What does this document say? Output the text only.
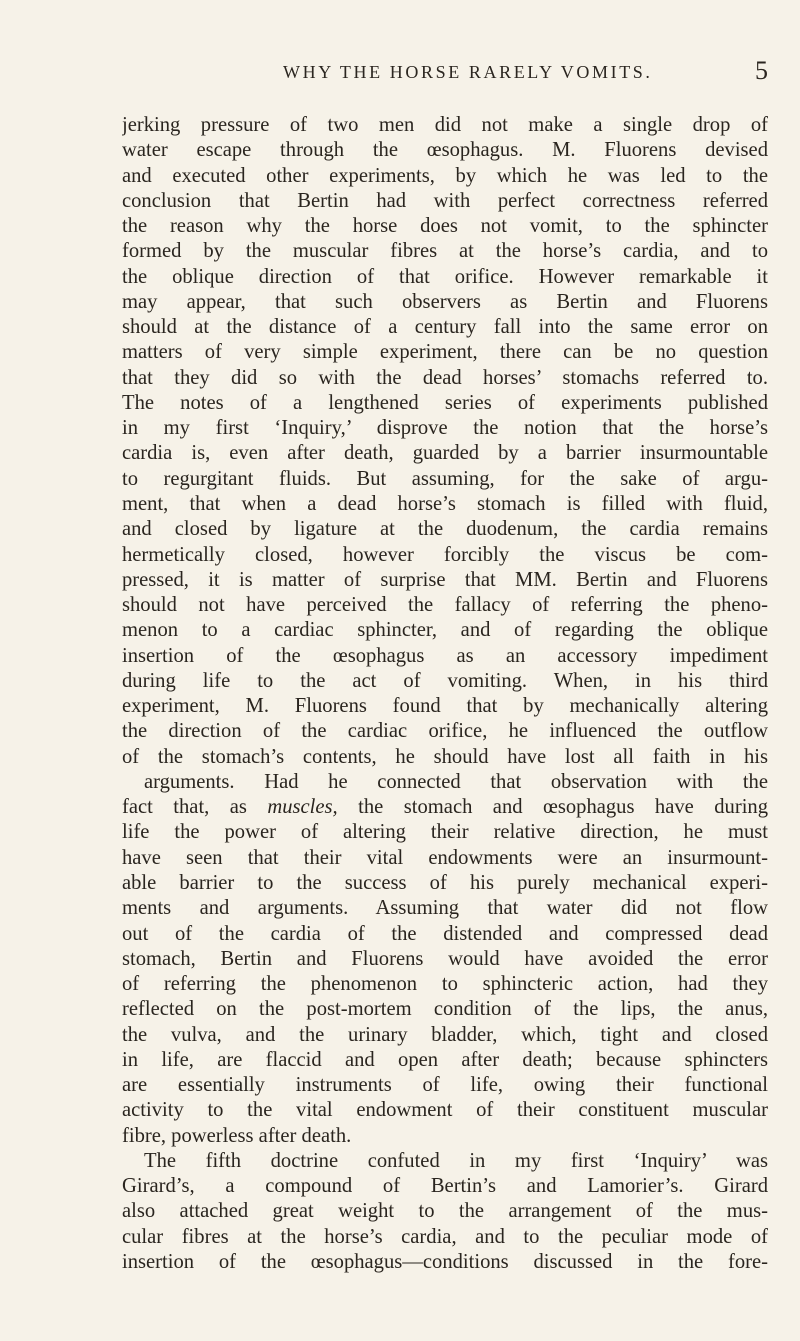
WHY THE HORSE RARELY VOMITS.	5
jerking pressure of two men did not make a single drop of
water escape through the œsophagus. M. Fluorens devised
and executed other experiments, by which he was led to the
conclusion that Bertin had with perfect correctness referred
the reason why the horse does not vomit, to the sphincter
formed by the muscular fibres at the horse’s cardia, and to
the oblique direction of that orifice. However remarkable it
may appear, that such observers as Bertin and Fluorens
should at the distance of a century fall into the same error on
matters of very simple experiment, there can be no question
that they did so with the dead horses’ stomachs referred to.
The notes of a lengthened series of experiments published
in my first ‘Inquiry,’ disprove the notion that the horse’s
cardia is, even after death, guarded by a barrier insurmountable
to regurgitant fluids. But assuming, for the sake of argu-
ment, that when a dead horse’s stomach is filled with fluid,
and closed by ligature at the duodenum, the cardia remains
hermetically closed, however forcibly the viscus be com-
pressed, it is matter of surprise that MM. Bertin and Fluorens
should not have perceived the fallacy of referring the pheno-
menon to a cardiac sphincter, and of regarding the oblique
insertion of the œsophagus as an accessory impediment
during life to the act of vomiting. When, in his third
experiment, M. Fluorens found that by mechanically altering
the direction of the cardiac orifice, he influenced the outflow
of the stomach’s contents, he should have lost all faith in his
arguments. Had he connected that observation with the
fact that, as muscles, the stomach and œsophagus have during
life the power of altering their relative direction, he must
have seen that their vital endowments were an insurmount-
able barrier to the success of his purely mechanical experi-
ments and arguments. Assuming that water did not flow
out of the cardia of the distended and compressed dead
stomach, Bertin and Fluorens would have avoided the error
of referring the phenomenon to sphincteric action, had they
reflected on the post-mortem condition of the lips, the anus,
the vulva, and the urinary bladder, which, tight and closed
in life, are flaccid and open after death; because sphincters
are essentially instruments of life, owing their functional
activity to the vital endowment of their constituent muscular
fibre, powerless after death.
The fifth doctrine confuted in my first ‘Inquiry’ was
Girard’s, a compound of Bertin’s and Lamorier’s. Girard
also attached great weight to the arrangement of the mus-
cular fibres at the horse’s cardia, and to the peculiar mode of
insertion of the œsophagus—conditions discussed in the fore-
